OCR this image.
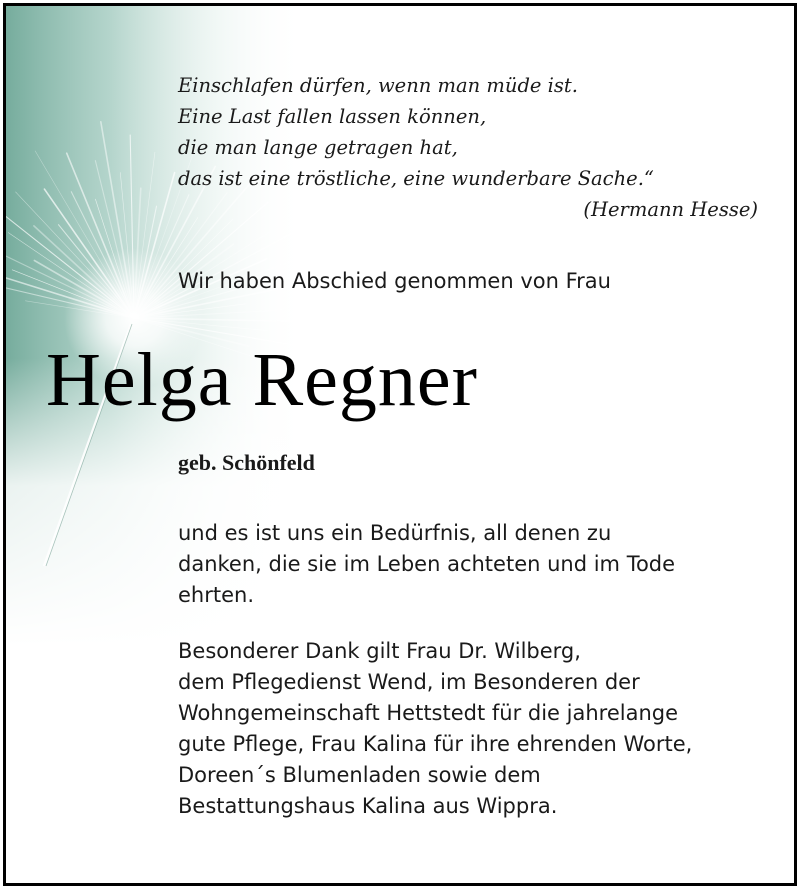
Einschlafen dürfen, wenn man müde ist.
Eine Last fallen lassen können,
die man lange getragen hat,
das ist eine tröstliche, eine wunderbare Sache.“
(Hermann Hesse)
Wir haben Abschied genommen von Frau
Helga Regner
geb. Schönfeld
und es ist uns ein Bedürfnis, all denen zu
danken, die sie im Leben achteten und im Tode
ehrten.
Besonderer Dank gilt Frau Dr. Wilberg,
dem Pflegedienst Wend, im Besonderen der
Wohngemeinschaft Hettstedt für die jahrelange
gute Pflege, Frau Kalina für ihre ehrenden Worte,
Doreen´s Blumenladen sowie dem
Bestattungshaus Kalina aus Wippra.
